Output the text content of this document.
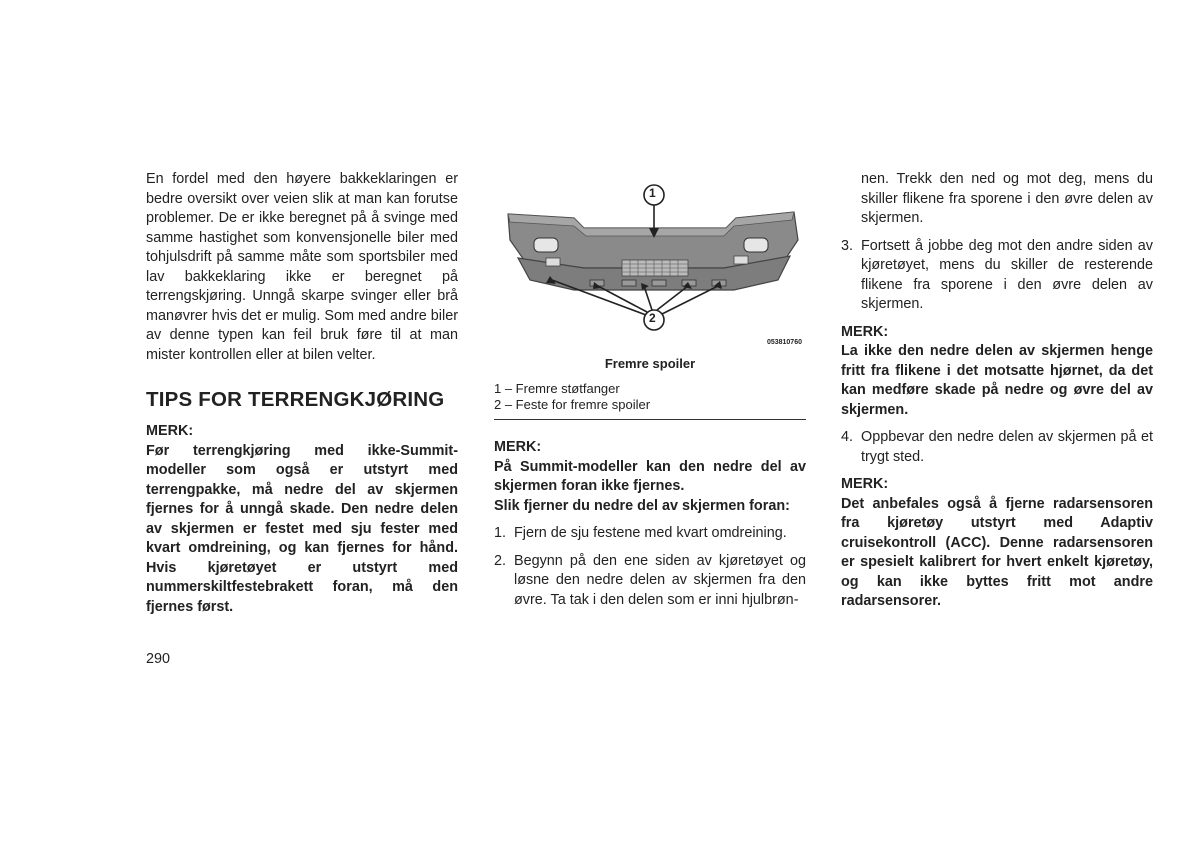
En fordel med den høyere bakkeklaringen er bedre oversikt over veien slik at man kan forutse problemer. De er ikke beregnet på å svinge med samme hastighet som konvensjonelle biler med tohjulsdrift på samme måte som sportsbiler med lav bakkeklaring ikke er beregnet på terrengskjøring. Unngå skarpe svinger eller brå manøvrer hvis det er mulig. Som med andre biler av denne typen kan feil bruk føre til at man mister kontrollen eller at bilen velter.

TIPS FOR TERRENGKJØRING

MERK:

Før terrengkjøring med ikke-Summit-modeller som også er utstyrt med terrengpakke, må nedre del av skjermen fjernes for å unngå skade. Den nedre delen av skjermen er festet med sju fester med kvart omdreining, og kan fjernes for hånd. Hvis kjøretøyet er utstyrt med nummerskiltfestebrakett foran, må den fjernes først.

1
2
053810760
Fremre spoiler
1 – Fremre støtfanger
2 – Feste for fremre spoiler

MERK:

På Summit-modeller kan den nedre del av skjermen foran ikke fjernes.

Slik fjerner du nedre del av skjermen foran:

1. Fjern de sju festene med kvart omdreining.
2. Begynn på den ene siden av kjøretøyet og løsne den nedre delen av skjermen fra den øvre. Ta tak i den delen som er inni hjulbrøn-
nen. Trekk den ned og mot deg, mens du skiller flikene fra sporene i den øvre delen av skjermen.
3. Fortsett å jobbe deg mot den andre siden av kjøretøyet, mens du skiller de resterende flikene fra sporene i den øvre delen av skjermen.

MERK:

La ikke den nedre delen av skjermen henge fritt fra flikene i det motsatte hjørnet, da det kan medføre skade på nedre og øvre del av skjermen.

4. Oppbevar den nedre delen av skjermen på et trygt sted.

MERK:

Det anbefales også å fjerne radarsensoren fra kjøretøy utstyrt med Adaptiv cruisekontroll (ACC). Denne radarsensoren er spesielt kalibrert for hvert enkelt kjøretøy, og kan ikke byttes fritt mot andre radarsensorer.

290
